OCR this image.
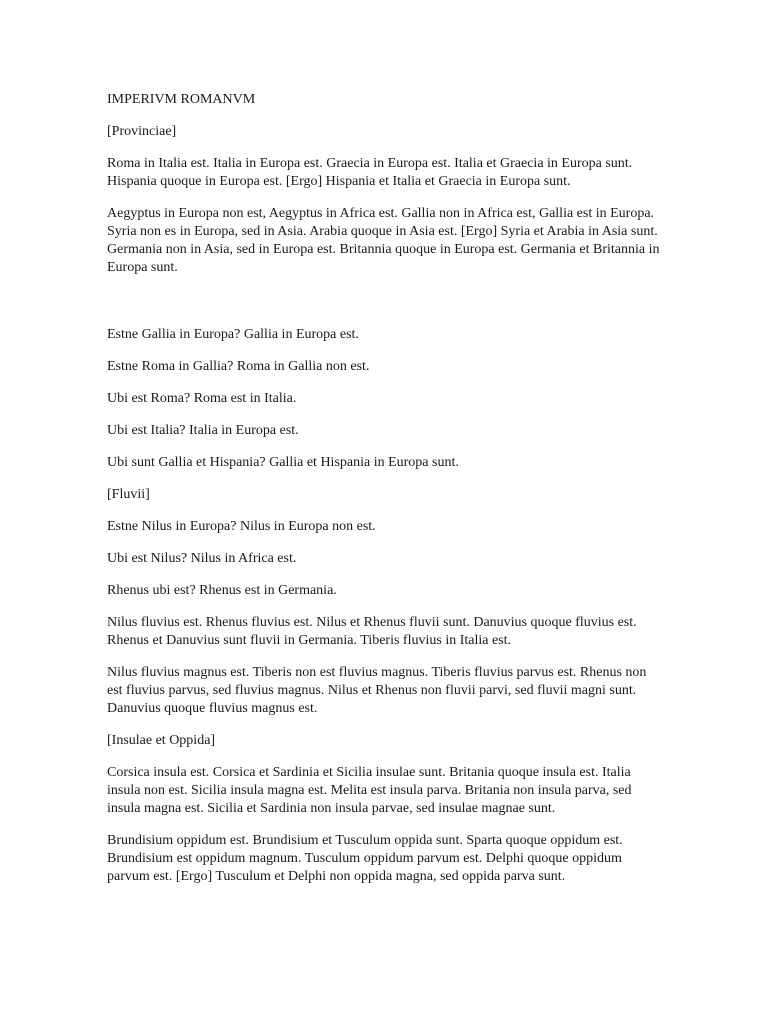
IMPERIVM ROMANVM

[Provinciae]

Roma in Italia est. Italia in Europa est. Graecia in Europa est. Italia et Graecia in Europa sunt. Hispania quoque in Europa est. [Ergo] Hispania et Italia et Graecia in Europa sunt.

Aegyptus in Europa non est, Aegyptus in Africa est. Gallia non in Africa est, Gallia est in Europa. Syria non es in Europa, sed in Asia. Arabia quoque in Asia est. [Ergo] Syria et Arabia in Asia sunt. Germania non in Asia, sed in Europa est. Britannia quoque in Europa est. Germania et Britannia in Europa sunt.

Estne Gallia in Europa? Gallia in Europa est.

Estne Roma in Gallia? Roma in Gallia non est.

Ubi est Roma? Roma est in Italia.

Ubi est Italia? Italia in Europa est.

Ubi sunt Gallia et Hispania? Gallia et Hispania in Europa sunt.

[Fluvii]

Estne Nilus in Europa? Nilus in Europa non est.

Ubi est Nilus? Nilus in Africa est.

Rhenus ubi est? Rhenus est in Germania.

Nilus fluvius est. Rhenus fluvius est. Nilus et Rhenus fluvii sunt. Danuvius quoque fluvius est. Rhenus et Danuvius sunt fluvii in Germania. Tiberis fluvius in Italia est.

Nilus fluvius magnus est. Tiberis non est fluvius magnus. Tiberis fluvius parvus est. Rhenus non est fluvius parvus, sed fluvius magnus. Nilus et Rhenus non fluvii parvi, sed fluvii magni sunt. Danuvius quoque fluvius magnus est.

[Insulae et Oppida]

Corsica insula est. Corsica et Sardinia et Sicilia insulae sunt. Britania quoque insula est. Italia insula non est. Sicilia insula magna est. Melita est insula parva. Britania non insula parva, sed insula magna est. Sicilia et Sardinia non insula parvae, sed insulae magnae sunt.

Brundisium oppidum est. Brundisium et Tusculum oppida sunt. Sparta quoque oppidum est. Brundisium est oppidum magnum. Tusculum oppidum parvum est. Delphi quoque oppidum parvum est. [Ergo] Tusculum et Delphi non oppida magna, sed oppida parva sunt.
